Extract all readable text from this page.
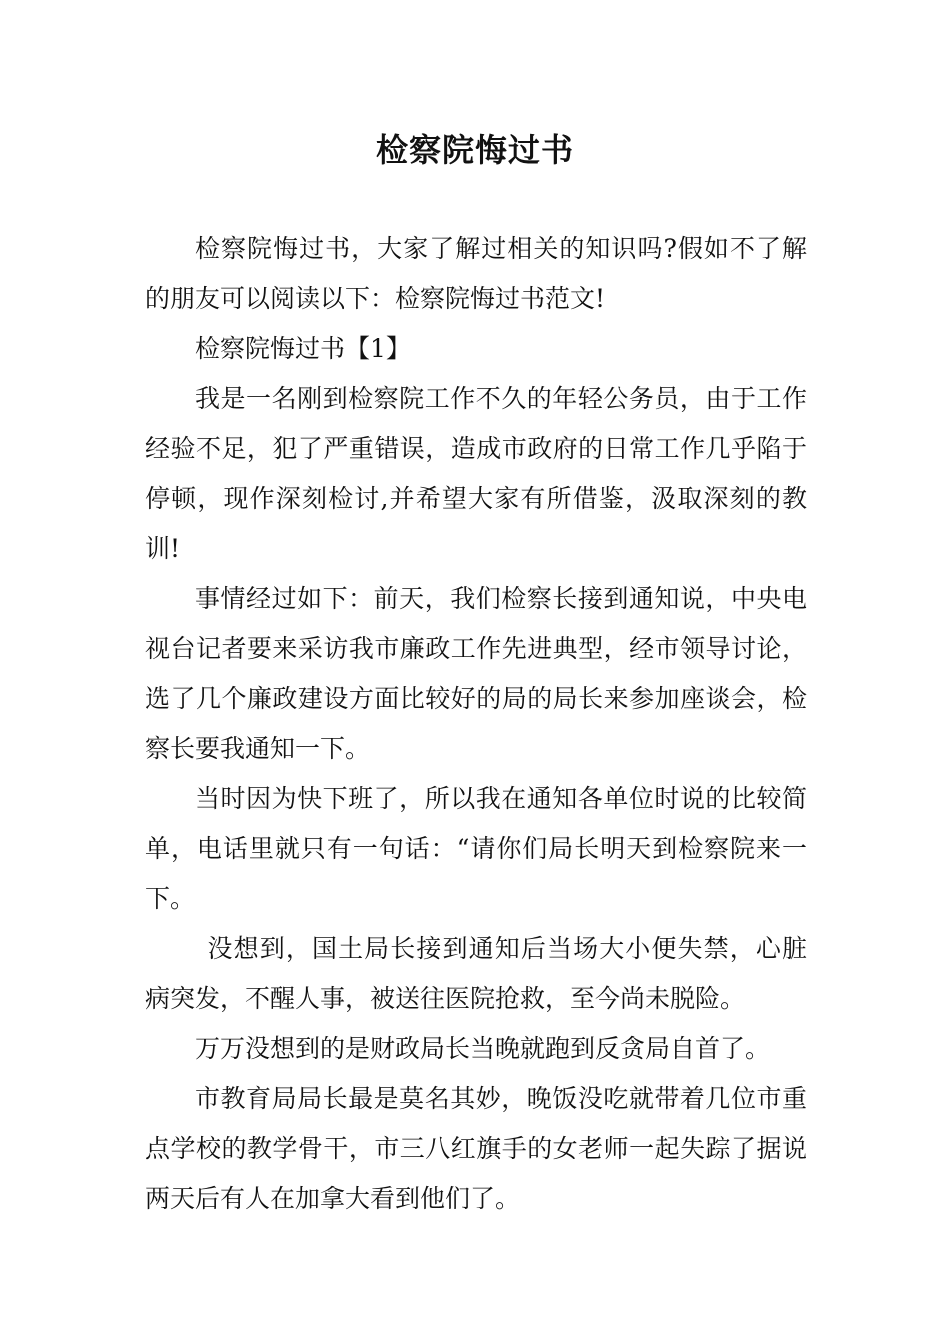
检察院悔过书

检察院悔过书，大家了解过相关的知识吗?假如不了解的朋友可以阅读以下：检察院悔过书范文!

检察院悔过书【1】

我是一名刚到检察院工作不久的年轻公务员，由于工作经验不足，犯了严重错误，造成市政府的日常工作几乎陷于停顿，现作深刻检讨,并希望大家有所借鉴，汲取深刻的教训!

事情经过如下：前天，我们检察长接到通知说，中央电视台记者要来采访我市廉政工作先进典型，经市领导讨论，选了几个廉政建设方面比较好的局的局长来参加座谈会，检察长要我通知一下。

当时因为快下班了，所以我在通知各单位时说的比较简单，电话里就只有一句话：“请你们局长明天到检察院来一下。

没想到，国土局长接到通知后当场大小便失禁，心脏病突发，不醒人事，被送往医院抢救，至今尚未脱险。

万万没想到的是财政局长当晚就跑到反贪局自首了。

市教育局局长最是莫名其妙，晚饭没吃就带着几位市重点学校的教学骨干，市三八红旗手的女老师一起失踪了据说两天后有人在加拿大看到他们了。
